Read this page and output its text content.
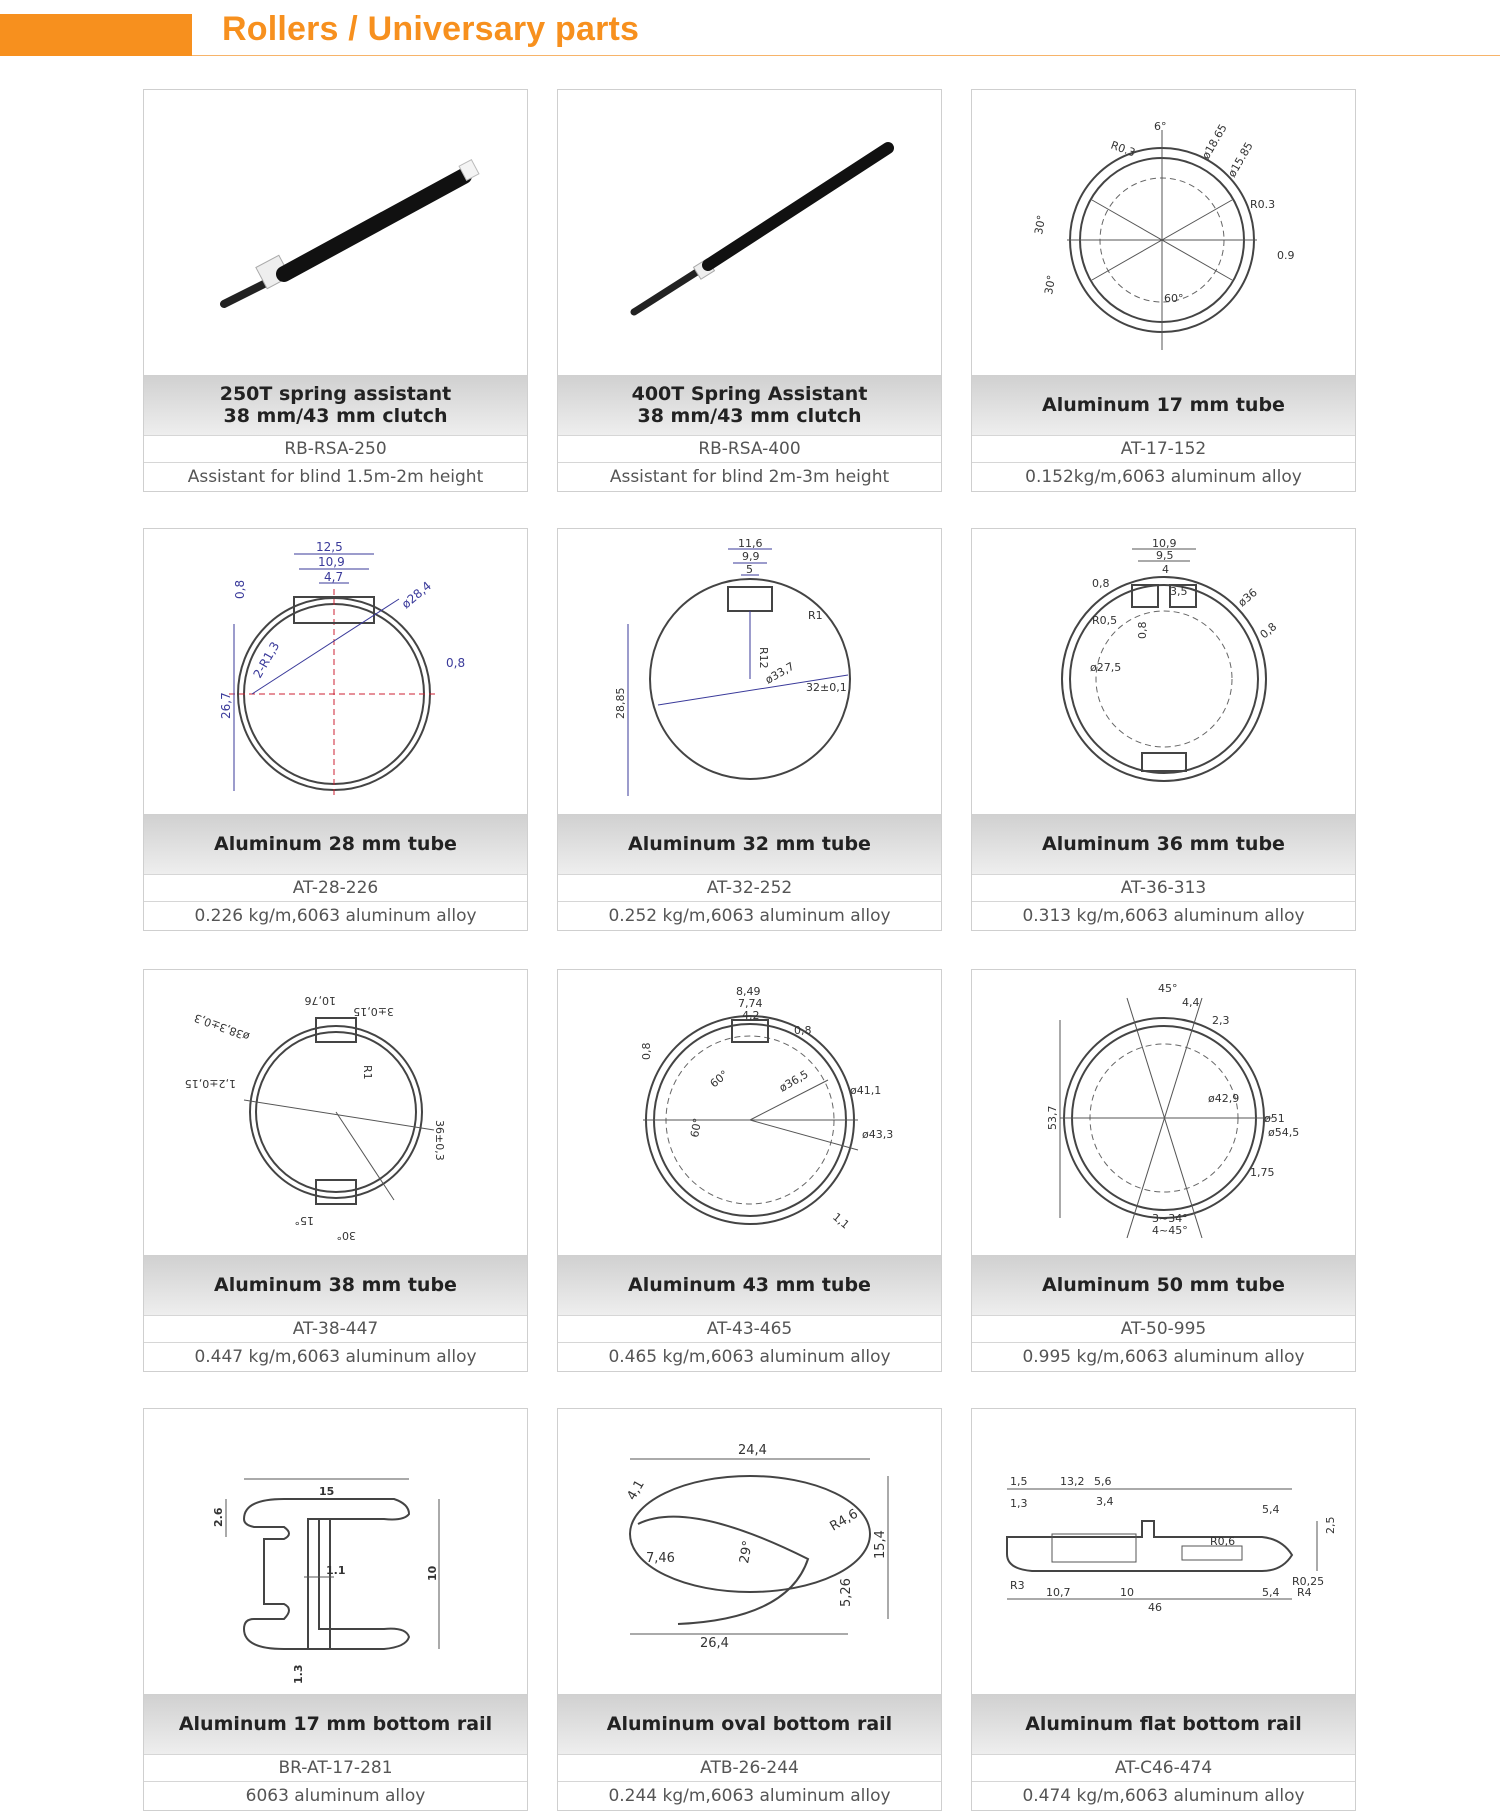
Rollers / Universary parts
250T spring assistant
38 mm/43 mm clutch
RB-RSA-250
Assistant for blind 1.5m-2m height
400T Spring Assistant
38 mm/43 mm clutch
RB-RSA-400
Assistant for blind 2m-3m height
R0.3
6°	ø18.65
ø15.85
R0.3
30°
0.9
30°
60°
Aluminum 17 mm tube
AT-17-152
0.152kg/m,6063 aluminum alloy
12,5
10,9
4,7
0,8	ø28,4
2-R1,3	0,8
26,7
Aluminum 28 mm tube
AT-28-226
0.226 kg/m,6063 aluminum alloy
11,6
9,9
5
R1
R12
ø33,7
32±0,1
28,85
Aluminum 32 mm tube
AT-32-252
0.252 kg/m,6063 aluminum alloy
10,9
9,5
4
0,8
3,5
R0,5
0,8
ø36
0,8
ø27,5
Aluminum 36 mm tube
AT-36-313
0.313 kg/m,6063 aluminum alloy
10,76
3±0,15
ø38,3±0,3
1,2±0,15
36±0,3
R1
15°
30°
Aluminum 38 mm tube
AT-38-447
0.447 kg/m,6063 aluminum alloy
8,49
7,74
4,2
0,8
0,8
60°	ø36,5	ø41,1
ø43,3
60°
1,1
Aluminum 43 mm tube
AT-43-465
0.465 kg/m,6063 aluminum alloy
45°
4,4
2,3
53,7
ø42,9
ø51
ø54,5
1,75
3~34°
4~45°
Aluminum 50 mm tube
AT-50-995
0.995 kg/m,6063 aluminum alloy
15
2.6
1.1	10
1.3
Aluminum 17 mm bottom rail
BR-AT-17-281
6063 aluminum alloy
24,4
4,1
7,46	29°
R4,6
15,4
5,26
26,4
Aluminum oval bottom rail
ATB-26-244
0.244 kg/m,6063 aluminum alloy
1,5	13,2 5,6
1,3	3,4
5,4
R0,6
R0,25
R3
10,7	10
46
5,4 R4
2,5
Aluminum flat bottom rail
AT-C46-474
0.474 kg/m,6063 aluminum alloy
